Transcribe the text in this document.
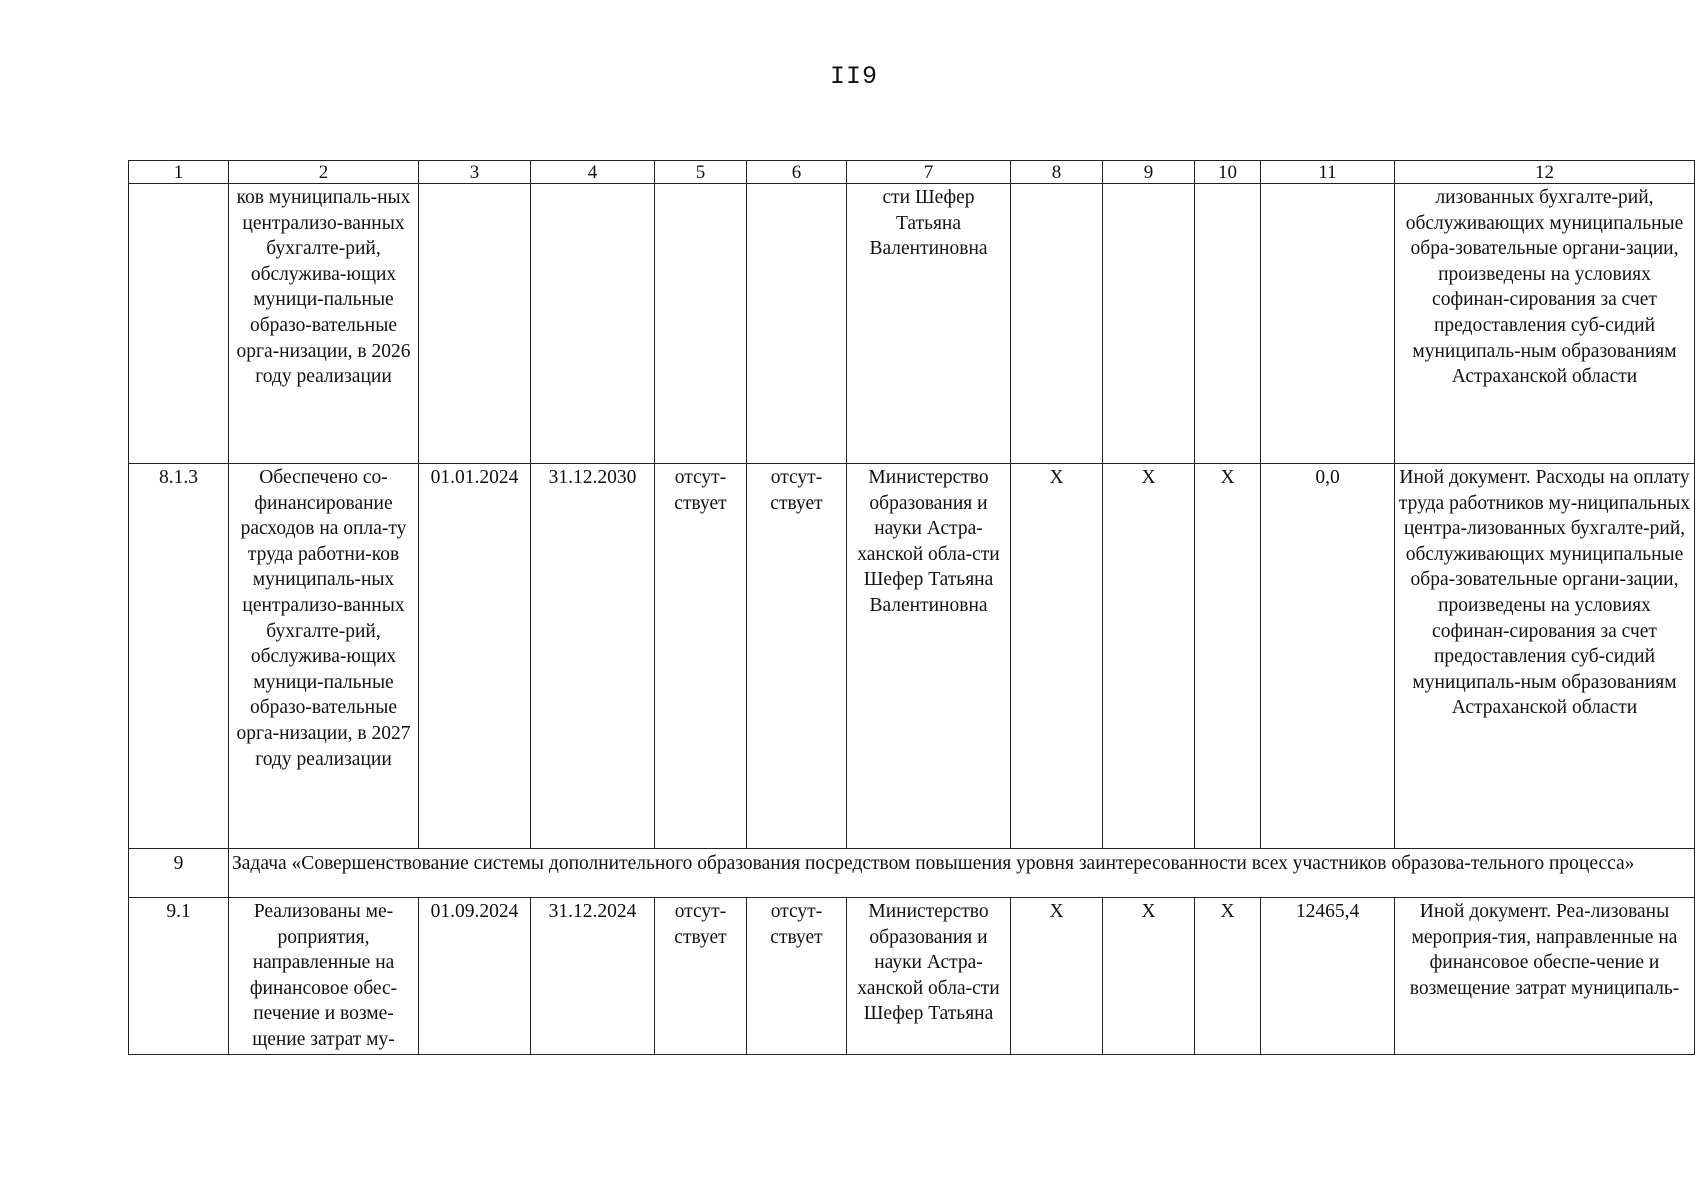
II9
1	2	3	4	5	6	7	8	9	10	11	12
	ков муниципаль-ных централизо-ванных бухгалте-рий, обслужива-ющих муници-пальные образо-вательные орга-низации, в 2026 году реализации					сти Шефер Татьяна Валентиновна					лизованных бухгалте-рий, обслуживающих муниципальные обра-зовательные органи-зации, произведены на условиях софинан-сирования за счет предоставления суб-сидий муниципаль-ным образованиям Астраханской области
8.1.3	Обеспечено со-финансирование расходов на опла-ту труда работни-ков муниципаль-ных централизо-ванных бухгалте-рий, обслужива-ющих муници-пальные образо-вательные орга-низации, в 2027 году реализации	01.01.2024	31.12.2030	отсут-ствует	отсут-ствует	Министерство образования и науки Астра-ханской обла-сти Шефер Татьяна Валентиновна	X	X	X	0,0	Иной документ. Расходы на оплату труда работников му-ниципальных центра-лизованных бухгалте-рий, обслуживающих муниципальные обра-зовательные органи-зации, произведены на условиях софинан-сирования за счет предоставления суб-сидий муниципаль-ным образованиям Астраханской области
9	Задача «Совершенствование системы дополнительного образования посредством повышения уровня заинтересованности всех участников образова-тельного процесса»										
9.1	Реализованы ме-роприятия, направленные на финансовое обес-печение и возме-щение затрат му-	01.09.2024	31.12.2024	отсут-ствует	отсут-ствует	Министерство образования и науки Астра-ханской обла-сти Шефер Татьяна	X	X	X	12465,4	Иной документ. Реа-лизованы мероприя-тия, направленные на финансовое обеспе-чение и возмещение затрат муниципаль-
